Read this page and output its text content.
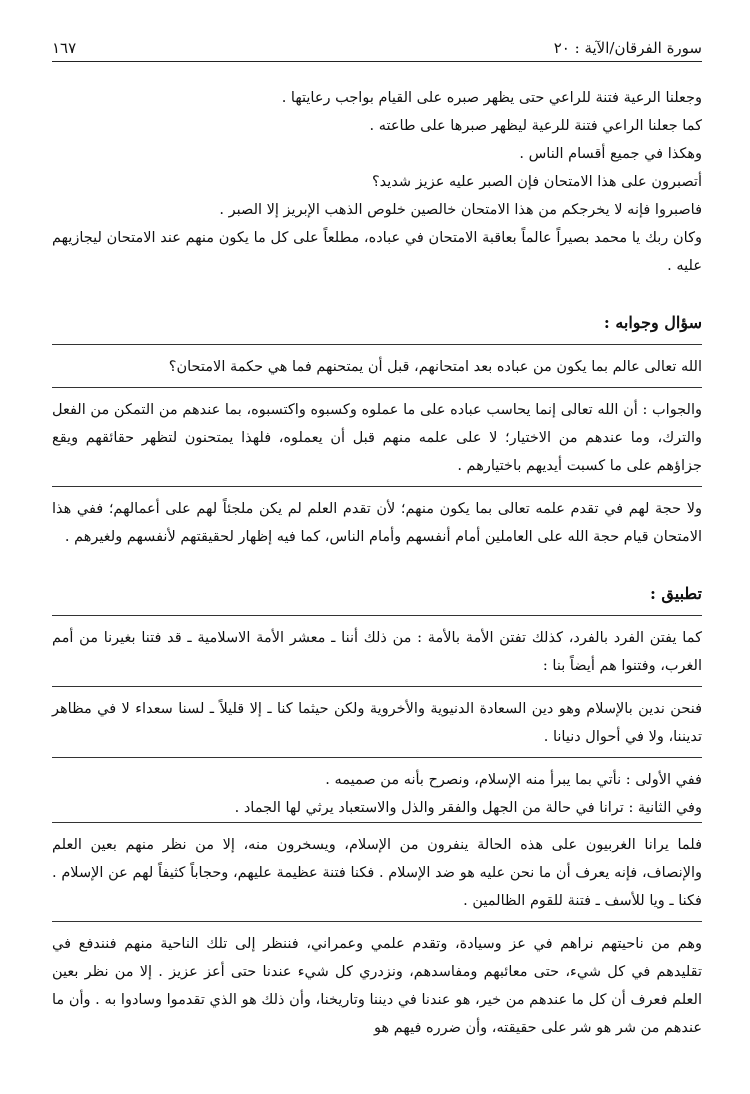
سورة الفرقان/الآية : ٢٠
١٦٧

وجعلنا الرعية فتنة للراعي حتى يظهر صبره على القيام بواجب رعايتها .

كما جعلنا الراعي فتنة للرعية ليظهر صبرها على طاعته .

وهكذا في جميع أقسام الناس .

أتصبرون على هذا الامتحان فإن الصبر عليه عزيز شديد؟

فاصبروا فإنه لا يخرجكم من هذا الامتحان خالصين خلوص الذهب الإبريز إلا الصبر .

وكان ربك يا محمد بصيراً عالماً بعاقبة الامتحان في عباده، مطلعاً على كل ما يكون منهم عند الامتحان ليجازيهم عليه .

سؤال وجوابه :

الله تعالى عالم بما يكون من عباده بعد امتحانهم، قبل أن يمتحنهم فما هي حكمة الامتحان؟

والجواب : أن الله تعالى إنما يحاسب عباده على ما عملوه وكسبوه واكتسبوه، بما عندهم من التمكن من الفعل والترك، وما عندهم من الاختيار؛ لا على علمه منهم قبل أن يعملوه، فلهذا يمتحنون لتظهر حقائقهم ويقع جزاؤهم على ما كسبت أيديهم باختيارهم .

ولا حجة لهم في تقدم علمه تعالى بما يكون منهم؛ لأن تقدم العلم لم يكن ملجئاً لهم على أعمالهم؛ ففي هذا الامتحان قيام حجة الله على العاملين أمام أنفسهم وأمام الناس، كما فيه إظهار لحقيقتهم لأنفسهم ولغيرهم .

تطبيق :

كما يفتن الفرد بالفرد، كذلك تفتن الأمة بالأمة : من ذلك أننا ـ معشر الأمة الاسلامية ـ قد فتنا بغيرنا من أمم الغرب، وفتنوا هم أيضاً بنا :

فنحن ندين بالإسلام وهو دين السعادة الدنيوية والأخروية ولكن حيثما كنا ـ إلا قليلاً ـ لسنا سعداء لا في مظاهر تديننا، ولا في أحوال دنيانا .

ففي الأولى : نأتي بما يبرأ منه الإسلام، ونصرح بأنه من صميمه .

وفي الثانية : ترانا في حالة من الجهل والفقر والذل والاستعباد يرثي لها الجماد .

فلما يرانا الغربيون على هذه الحالة ينفرون من الإسلام، ويسخرون منه، إلا من نظر منهم بعين العلم والإنصاف، فإنه يعرف أن ما نحن عليه هو ضد الإسلام . فكنا فتنة عظيمة عليهم، وحجاباً كثيفاً لهم عن الإسلام . فكنا ـ ويا للأسف ـ فتنة للقوم الظالمين .

وهم من ناحيتهم نراهم في عز وسيادة، وتقدم علمي وعمراني، فننظر إلى تلك الناحية منهم فنندفع في تقليدهم في كل شيء، حتى معائبهم ومفاسدهم، ونزدري كل شيء عندنا حتى أعز عزيز . إلا من نظر بعين العلم فعرف أن كل ما عندهم من خير، هو عندنا في ديننا وتاريخنا، وأن ذلك هو الذي تقدموا وسادوا به . وأن ما عندهم من شر هو شر على حقيقته، وأن ضرره فيهم هو
